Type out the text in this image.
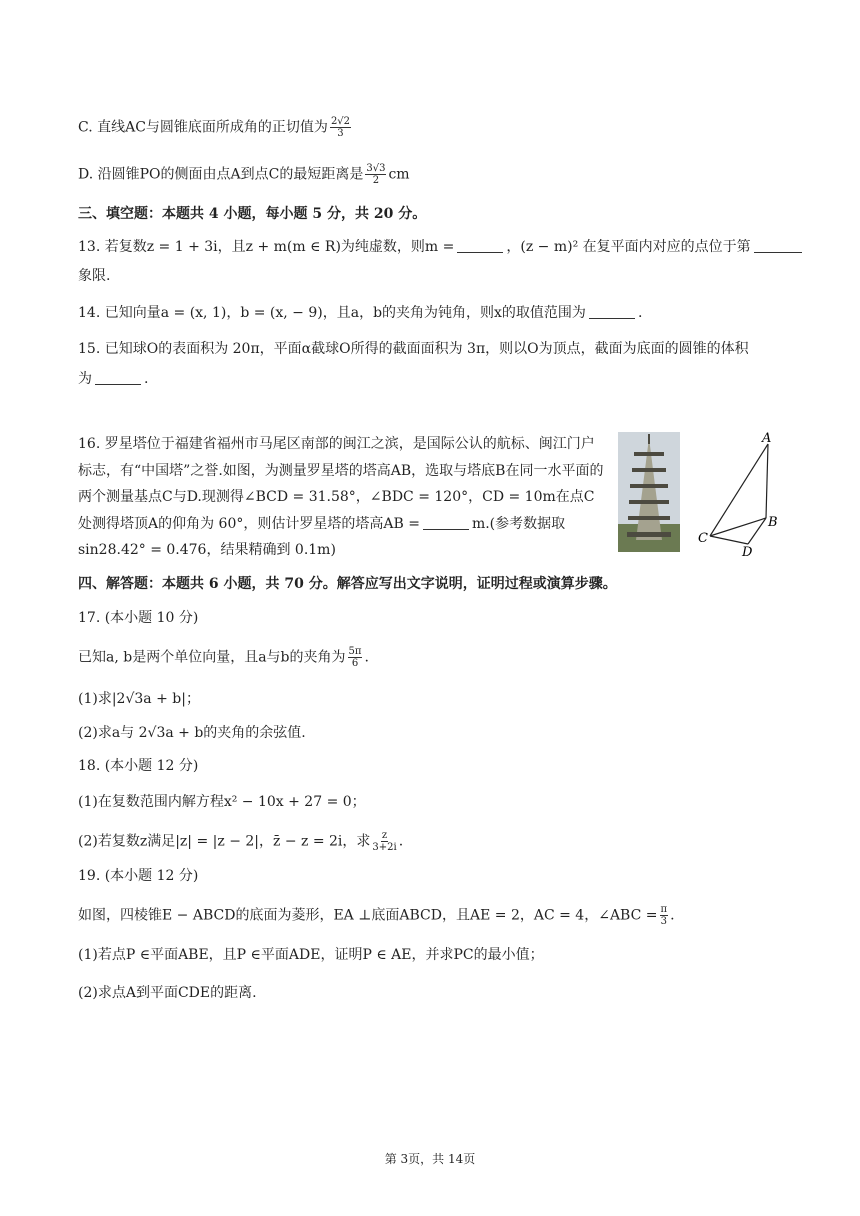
C. 直线AC与圆锥底面所成角的正切值为 $\frac{2√2}{3}$
D. 沿圆锥PO的侧面由点A到点C的最短距离是 $\frac{3√3}{2}$ cm
三、填空题：本题共 4 小题，每小题 5 分，共 20 分。
13. 若复数z = 1 + 3i，且z + m(m ∈ R)为纯虚数，则m =	，(z − m)² 在复平面内对应的点位于第
象限.
14. 已知向量a = (x, 1)，b = (x, − 9)，且a，b的夹角为钝角，则x的取值范围为	.
15. 已知球O的表面积为 20π，平面α截球O所得的截面面积为 3π，则以O为顶点，截面为底面的圆锥的体积
为	.
16. 罗星塔位于福建省福州市马尾区南部的闽江之滨，是国际公认的航标、闽江门户标志，有“中国塔”之誉.如图，为测量罗星塔的塔高AB，选取与塔底B在同一水平面的两个测量基点C与D.现测得∠BCD = 31.58°，∠BDC = 120°，CD = 10m在点C处测得塔顶A的仰角为 60°，则估计罗星塔的塔高AB =	m.(参考数据取sin28.42° = 0.476，结果精确到 0.1m)
A
B
C
D
四、解答题：本题共 6 小题，共 70 分。解答应写出文字说明，证明过程或演算步骤。
17. (本小题 10 分)
已知a, b是两个单位向量，且a与b的夹角为 $\frac{5\pi}{6}$ .
(1)求|2√3a + b|；
(2)求a与 2√3a + b的夹角的余弦值.
18. (本小题 12 分)
(1)在复数范围内解方程x² − 10x + 27 = 0；
(2)若复数z满足|z| = |z − 2|，z̄ − z = 2i，求 $\frac{z}{3+2i}$ .
19. (本小题 12 分)
如图，四棱锥E − ABCD的底面为菱形，EA ⊥底面ABCD，且AE = 2，AC = 4，∠ABC = $\frac{\pi}{3}$ .
(1)若点P ∈平面ABE，且P ∈平面ADE，证明P ∈ AE，并求PC的最小值；
(2)求点A到平面CDE的距离.
第 3页，共 14页
